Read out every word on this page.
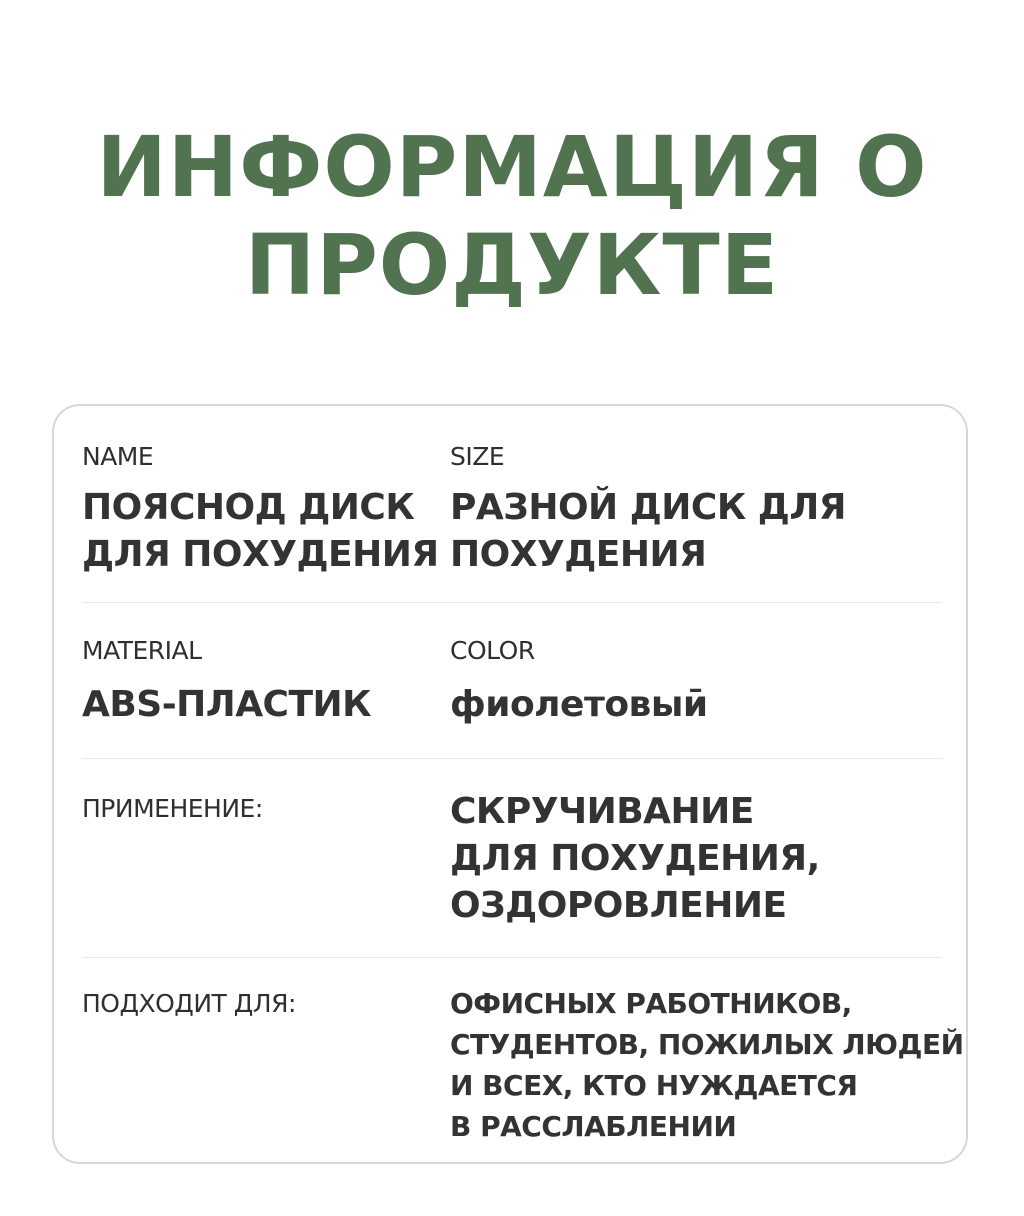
ИНФОРМАЦИЯ О
ПРОДУКТЕ
NAME
ПОЯСНОД ДИСК
ДЛЯ ПОХУДЕНИЯ
SIZE
РАЗНОЙ ДИСК ДЛЯ
ПОХУДЕНИЯ
MATERIAL
ABS-ПЛАСТИК
COLOR
фиолетовыӣ
ПРИМЕНЕНИЕ:	СКРУЧИВАНИЕ
ДЛЯ ПОХУДЕНИЯ,
ОЗДОРОВЛЕНИЕ
ПОДХОДИТ ДЛЯ:	ОФИСНЫХ РАБОТНИКОВ,
СТУДЕНТОВ, ПОЖИЛЫХ ЛЮДЕЙ
И ВСЕХ, КТО НУЖДАЕТСЯ
В РАССЛАБЛЕНИИ
